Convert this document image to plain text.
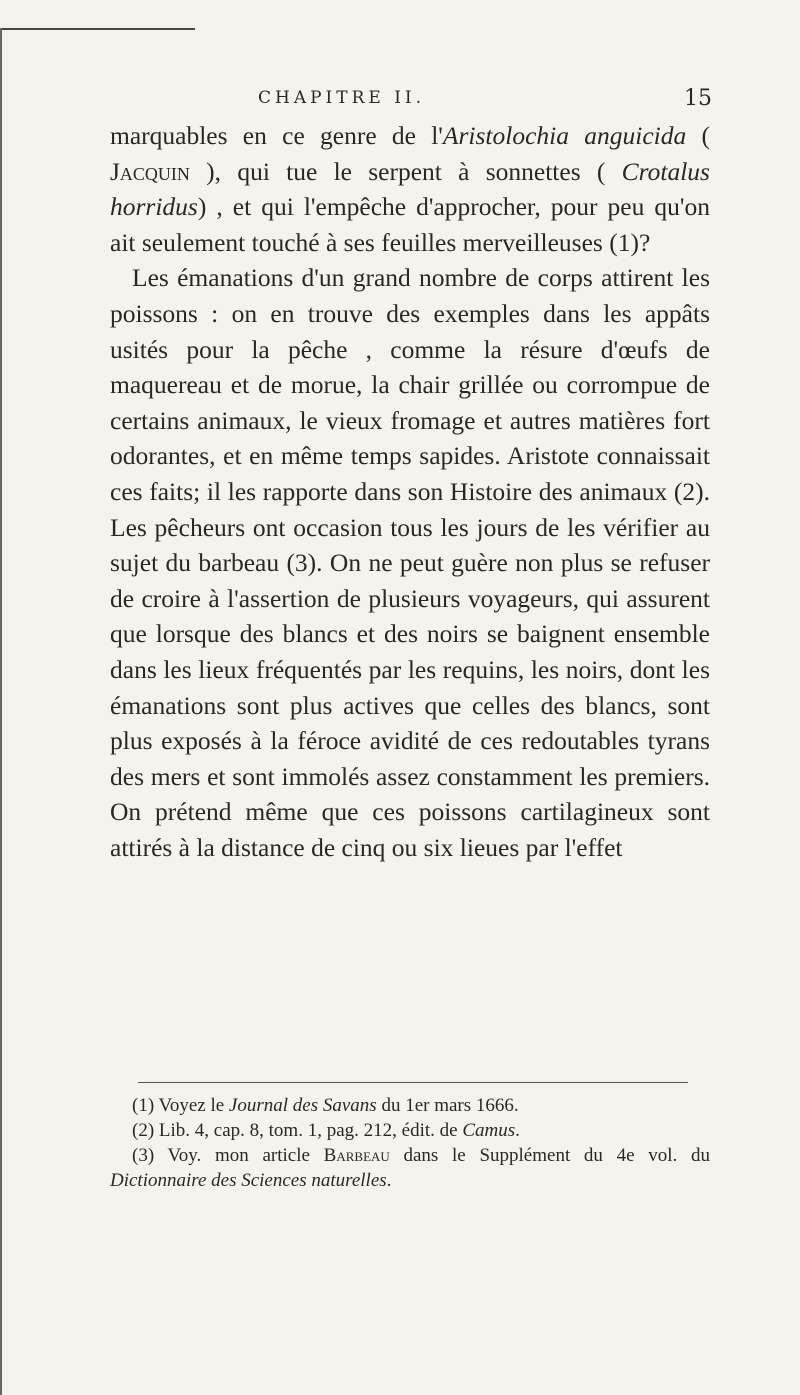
CHAPITRE II.	15

marquables en ce genre de l'Aristolochia anguicida ( Jacquin ), qui tue le serpent à sonnettes ( Crotalus horridus) , et qui l'empêche d'approcher, pour peu qu'on ait seulement touché à ses feuilles merveilleuses (1)?

Les émanations d'un grand nombre de corps attirent les poissons : on en trouve des exemples dans les appâts usités pour la pêche , comme la résure d'œufs de maquereau et de morue, la chair grillée ou corrompue de certains animaux, le vieux fromage et autres matières fort odorantes, et en même temps sapides. Aristote connaissait ces faits; il les rapporte dans son Histoire des animaux (2). Les pêcheurs ont occasion tous les jours de les vérifier au sujet du barbeau (3). On ne peut guère non plus se refuser de croire à l'assertion de plusieurs voyageurs, qui assurent que lorsque des blancs et des noirs se baignent ensemble dans les lieux fréquentés par les requins, les noirs, dont les émanations sont plus actives que celles des blancs, sont plus exposés à la féroce avidité de ces redoutables tyrans des mers et sont immolés assez constamment les premiers. On prétend même que ces poissons cartilagineux sont attirés à la distance de cinq ou six lieues par l'effet

(1) Voyez le Journal des Savans du 1er mars 1666.

(2) Lib. 4, cap. 8, tom. 1, pag. 212, édit. de Camus.

(3) Voy. mon article Barbeau dans le Supplément du 4e vol. du Dictionnaire des Sciences naturelles.
